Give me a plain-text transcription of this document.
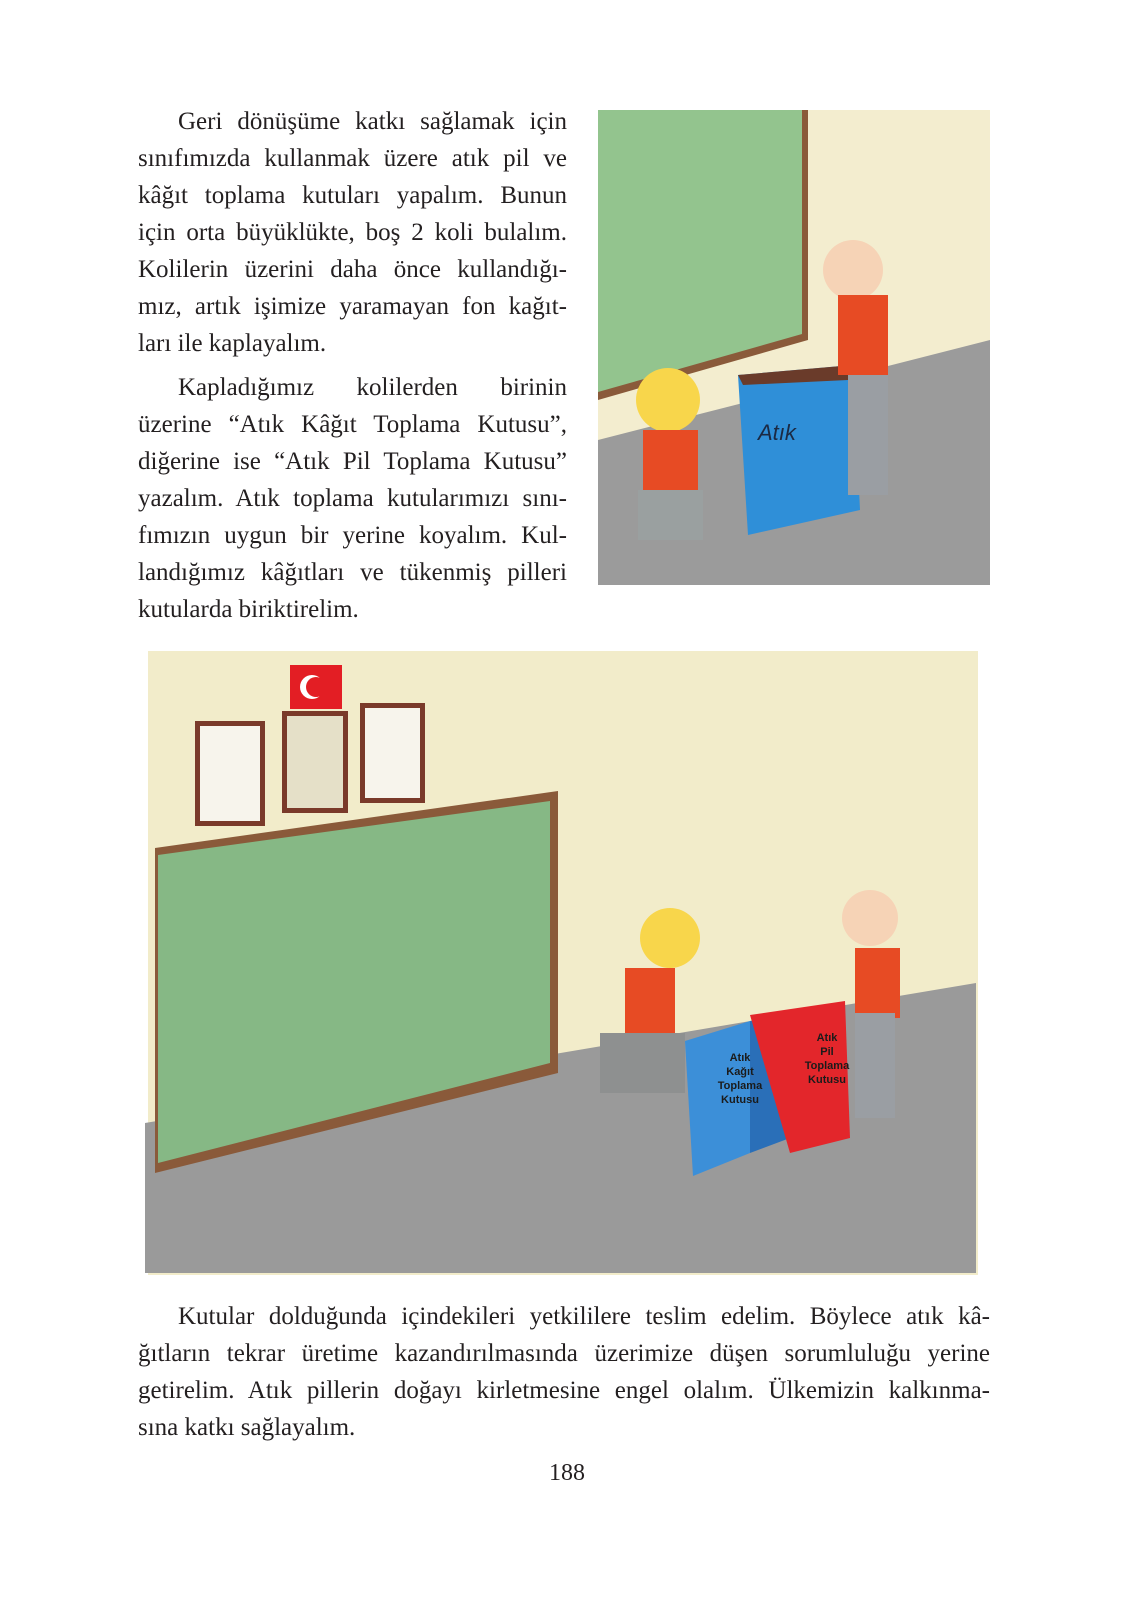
Geri dönüşüme katkı sağlamak için
sınıfımızda kullanmak üzere atık pil ve
kâğıt toplama kutuları yapalım. Bunun
için orta büyüklükte, boş 2 koli bulalım.
Kolilerin üzerini daha önce kullandığı-
mız, artık işimize yaramayan fon kağıt-
ları ile kaplayalım.
Kapladığımız kolilerden birinin
üzerine “Atık Kâğıt Toplama Kutusu”,
diğerine ise “Atık Pil Toplama Kutusu”
yazalım. Atık toplama kutularımızı sını-
fımızın uygun bir yerine koyalım. Kul-
landığımız kâğıtları ve tükenmiş pilleri
kutularda biriktirelim.
Atık
Atık
Kağıt
Toplama
Kutusu
Atık
Pil
Toplama
Kutusu
Kutular dolduğunda içindekileri yetkililere teslim edelim. Böylece atık kâ-
ğıtların tekrar üretime kazandırılmasında üzerimize düşen sorumluluğu yerine
getirelim. Atık pillerin doğayı kirletmesine engel olalım. Ülkemizin kalkınma-
sına katkı sağlayalım.
188
